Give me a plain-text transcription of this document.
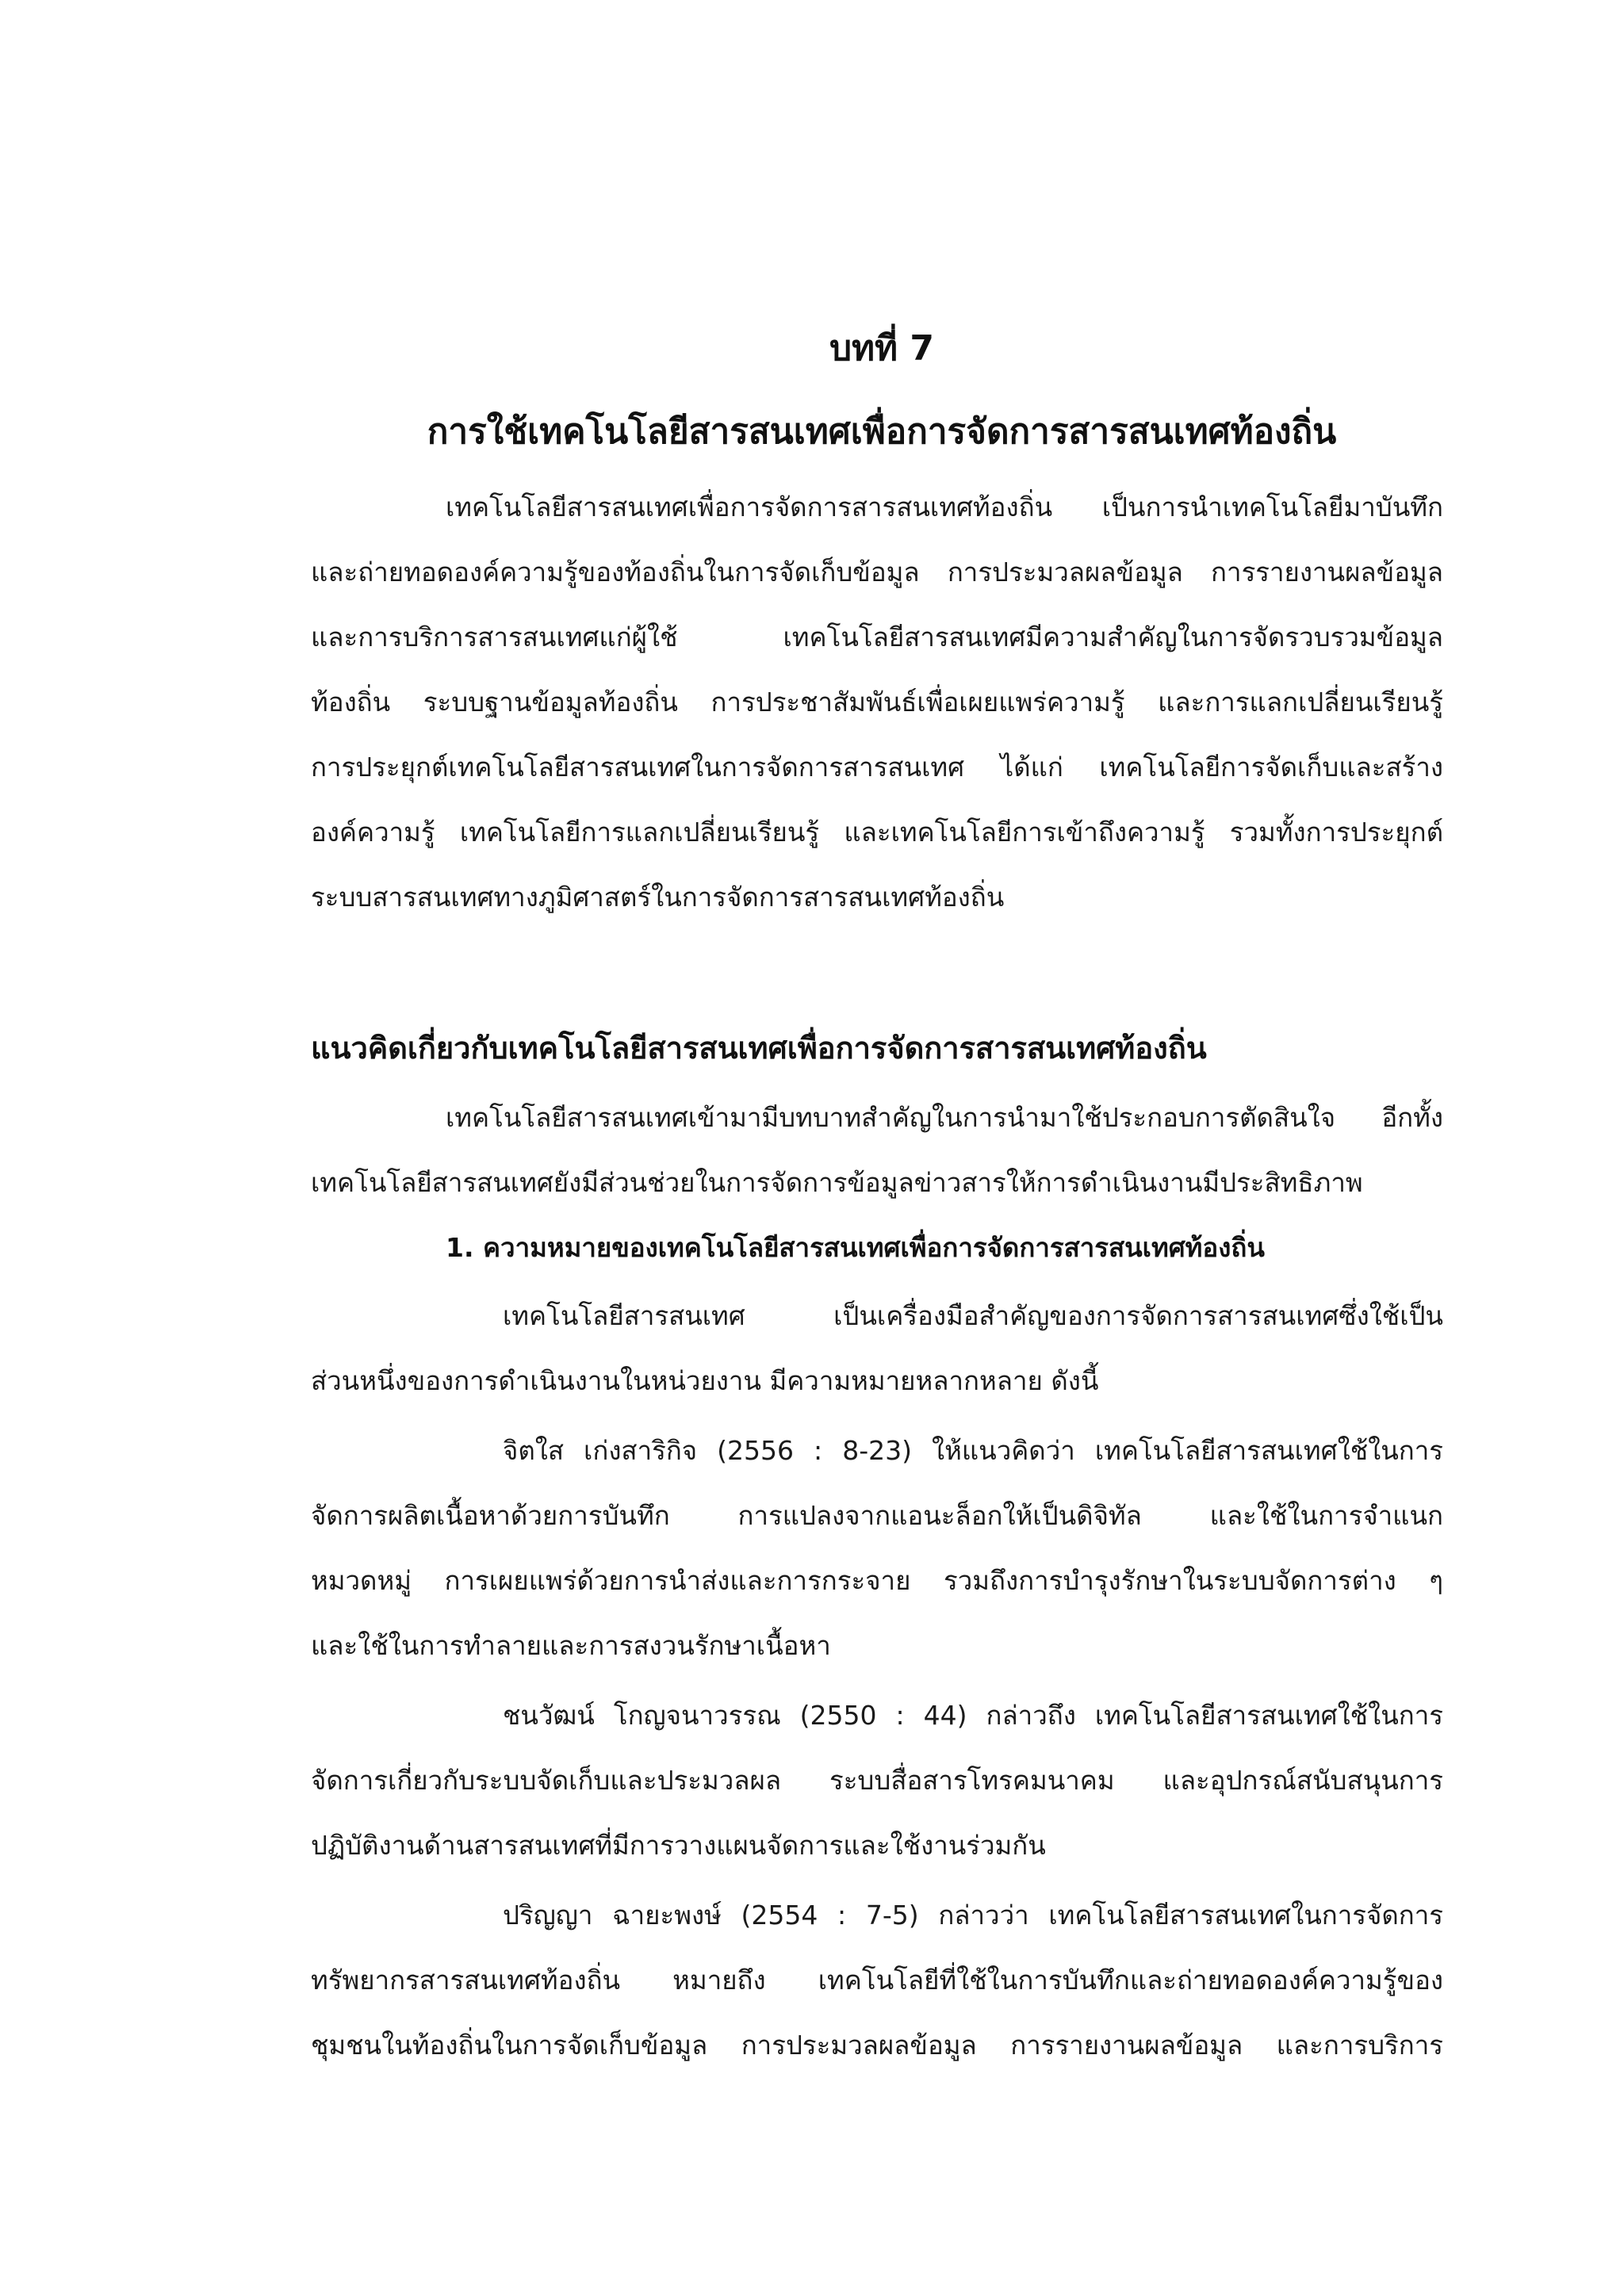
บทที่ 7
การใช้เทคโนโลยีสารสนเทศเพื่อการจัดการสารสนเทศท้องถิ่น
เทคโนโลยีสารสนเทศเพื่อการจัดการสารสนเทศท้องถิ่น เป็นการนำเทคโนโลยีมาบันทึก
และถ่ายทอดองค์ความรู้ของท้องถิ่นในการจัดเก็บข้อมูล การประมวลผลข้อมูล การรายงานผลข้อมูล
และการบริการสารสนเทศแก่ผู้ใช้ เทคโนโลยีสารสนเทศมีความสำคัญในการจัดรวบรวมข้อมูล
ท้องถิ่น ระบบฐานข้อมูลท้องถิ่น การประชาสัมพันธ์เพื่อเผยแพร่ความรู้ และการแลกเปลี่ยนเรียนรู้
การประยุกต์เทคโนโลยีสารสนเทศในการจัดการสารสนเทศ ได้แก่ เทคโนโลยีการจัดเก็บและสร้าง
องค์ความรู้ เทคโนโลยีการแลกเปลี่ยนเรียนรู้ และเทคโนโลยีการเข้าถึงความรู้ รวมทั้งการประยุกต์
ระบบสารสนเทศทางภูมิศาสตร์ในการจัดการสารสนเทศท้องถิ่น
แนวคิดเกี่ยวกับเทคโนโลยีสารสนเทศเพื่อการจัดการสารสนเทศท้องถิ่น
เทคโนโลยีสารสนเทศเข้ามามีบทบาทสำคัญในการนำมาใช้ประกอบการตัดสินใจ อีกทั้ง
เทคโนโลยีสารสนเทศยังมีส่วนช่วยในการจัดการข้อมูลข่าวสารให้การดำเนินงานมีประสิทธิภาพ
1. ความหมายของเทคโนโลยีสารสนเทศเพื่อการจัดการสารสนเทศท้องถิ่น
เทคโนโลยีสารสนเทศ เป็นเครื่องมือสำคัญของการจัดการสารสนเทศซึ่งใช้เป็น
ส่วนหนึ่งของการดำเนินงานในหน่วยงาน มีความหมายหลากหลาย ดังนี้
จิตใส เก่งสาริกิจ (2556 : 8-23) ให้แนวคิดว่า เทคโนโลยีสารสนเทศใช้ในการ
จัดการผลิตเนื้อหาด้วยการบันทึก การแปลงจากแอนะล็อกให้เป็นดิจิทัล และใช้ในการจำแนก
หมวดหมู่ การเผยแพร่ด้วยการนำส่งและการกระจาย รวมถึงการบำรุงรักษาในระบบจัดการต่าง ๆ
และใช้ในการทำลายและการสงวนรักษาเนื้อหา
ชนวัฒน์ โกญจนาวรรณ (2550 : 44) กล่าวถึง เทคโนโลยีสารสนเทศใช้ในการ
จัดการเกี่ยวกับระบบจัดเก็บและประมวลผล ระบบสื่อสารโทรคมนาคม และอุปกรณ์สนับสนุนการ
ปฏิบัติงานด้านสารสนเทศที่มีการวางแผนจัดการและใช้งานร่วมกัน
ปริญญา ฉายะพงษ์ (2554 : 7-5) กล่าวว่า เทคโนโลยีสารสนเทศในการจัดการ
ทรัพยากรสารสนเทศท้องถิ่น หมายถึง เทคโนโลยีที่ใช้ในการบันทึกและถ่ายทอดองค์ความรู้ของ
ชุมชนในท้องถิ่นในการจัดเก็บข้อมูล การประมวลผลข้อมูล การรายงานผลข้อมูล และการบริการ
